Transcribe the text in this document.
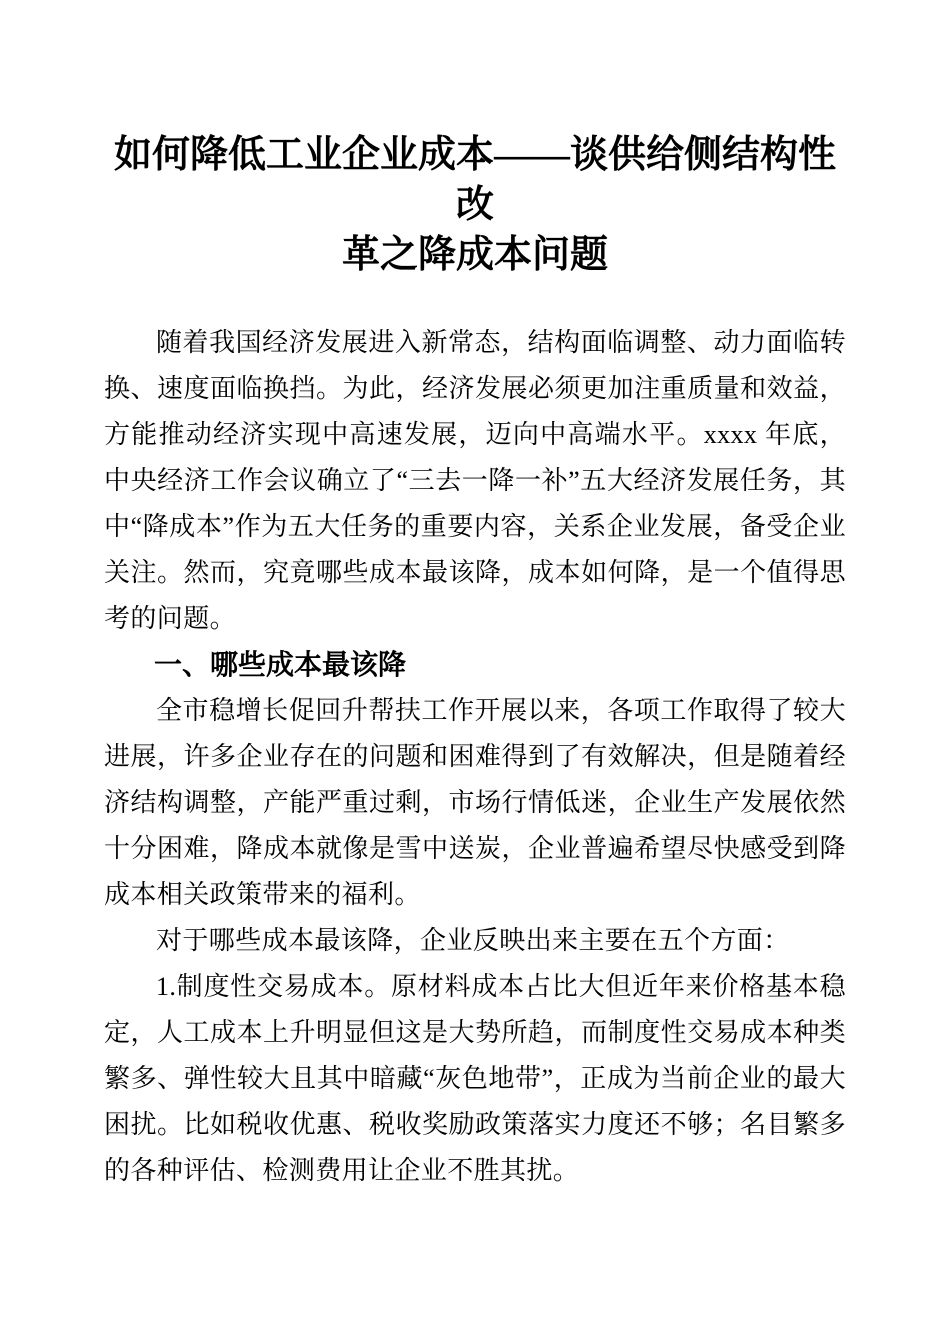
如何降低工业企业成本——谈供给侧结构性改
革之降成本问题

随着我国经济发展进入新常态，结构面临调整、动力面临转换、速度面临换挡。为此，经济发展必须更加注重质量和效益，方能推动经济实现中高速发展，迈向中高端水平。xxxx 年底，中央经济工作会议确立了“三去一降一补”五大经济发展任务，其中“降成本”作为五大任务的重要内容，关系企业发展，备受企业关注。然而，究竟哪些成本最该降，成本如何降，是一个值得思考的问题。

一、哪些成本最该降

全市稳增长促回升帮扶工作开展以来，各项工作取得了较大进展，许多企业存在的问题和困难得到了有效解决，但是随着经济结构调整，产能严重过剩，市场行情低迷，企业生产发展依然十分困难，降成本就像是雪中送炭，企业普遍希望尽快感受到降成本相关政策带来的福利。

对于哪些成本最该降，企业反映出来主要在五个方面：

1.制度性交易成本。原材料成本占比大但近年来价格基本稳定，人工成本上升明显但这是大势所趋，而制度性交易成本种类繁多、弹性较大且其中暗藏“灰色地带”，正成为当前企业的最大困扰。比如税收优惠、税收奖励政策落实力度还不够；名目繁多的各种评估、检测费用让企业不胜其扰。
